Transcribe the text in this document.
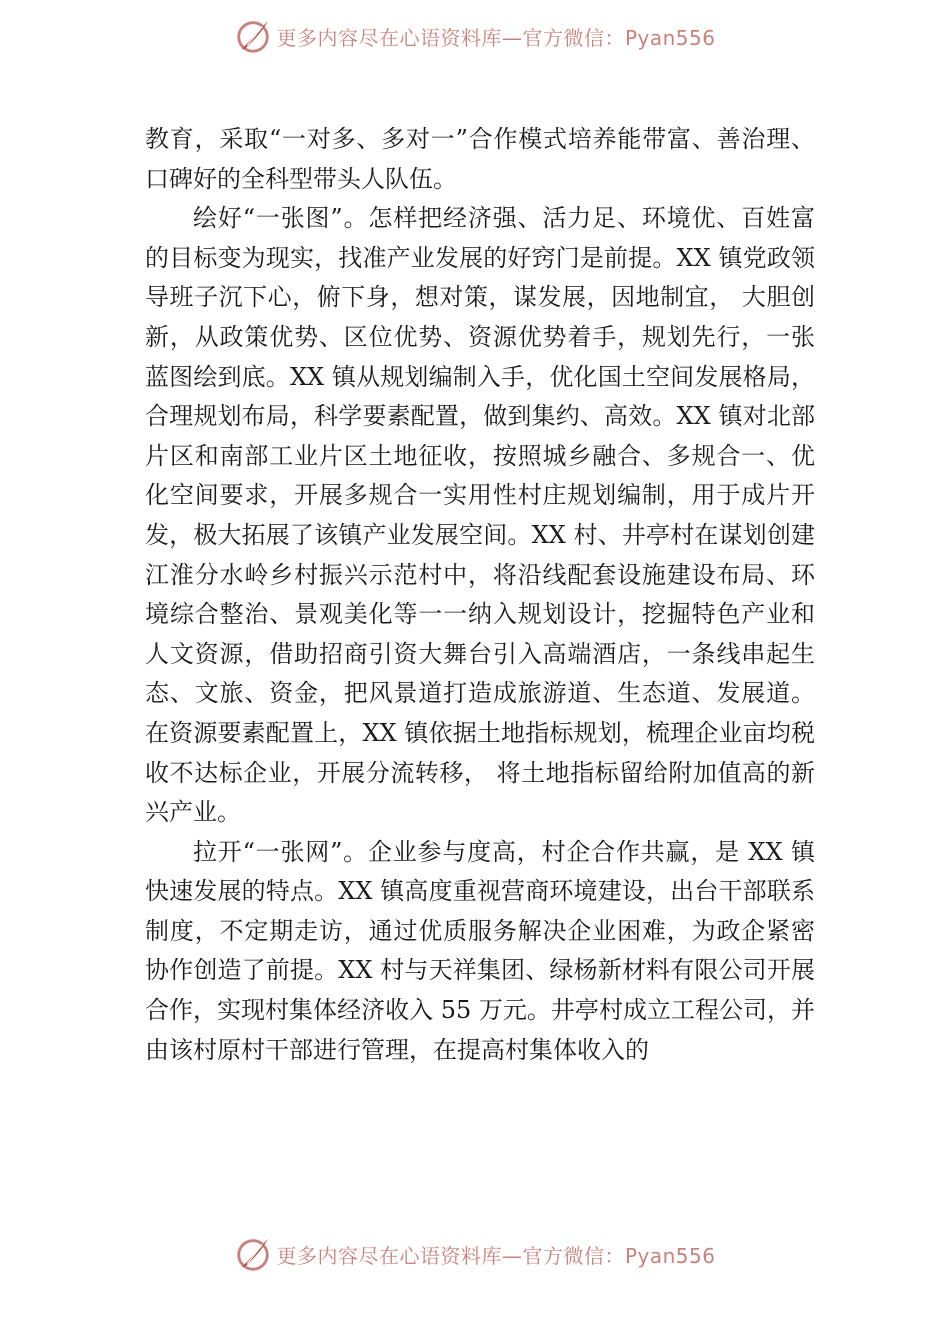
更多内容尽在心语资料库—官方微信：Pyan556

教育，采取“一对多、多对一”合作模式培养能带富、善治理、口碑好的全科型带头人队伍。

绘好“一张图”。怎样把经济强、活力足、环境优、百姓富的目标变为现实，找准产业发展的好窍门是前提。XX 镇党政领导班子沉下心，俯下身，想对策，谋发展，因地制宜， 大胆创新，从政策优势、区位优势、资源优势着手，规划先行，一张蓝图绘到底。XX 镇从规划编制入手，优化国土空间发展格局，合理规划布局，科学要素配置，做到集约、高效。XX 镇对北部片区和南部工业片区土地征收，按照城乡融合、多规合一、优化空间要求，开展多规合一实用性村庄规划编制，用于成片开发，极大拓展了该镇产业发展空间。XX 村、井亭村在谋划创建江淮分水岭乡村振兴示范村中，将沿线配套设施建设布局、环境综合整治、景观美化等一一纳入规划设计，挖掘特色产业和人文资源，借助招商引资大舞台引入高端酒店，一条线串起生态、文旅、资金，把风景道打造成旅游道、生态道、发展道。在资源要素配置上，XX 镇依据土地指标规划，梳理企业亩均税收不达标企业，开展分流转移， 将土地指标留给附加值高的新兴产业。

拉开“一张网”。企业参与度高，村企合作共赢，是 XX 镇快速发展的特点。XX 镇高度重视营商环境建设，出台干部联系制度，不定期走访，通过优质服务解决企业困难，为政企紧密协作创造了前提。XX 村与天祥集团、绿杨新材料有限公司开展合作，实现村集体经济收入 55 万元。井亭村成立工程公司，并由该村原村干部进行管理，在提高村集体收入的

更多内容尽在心语资料库—官方微信：Pyan556
